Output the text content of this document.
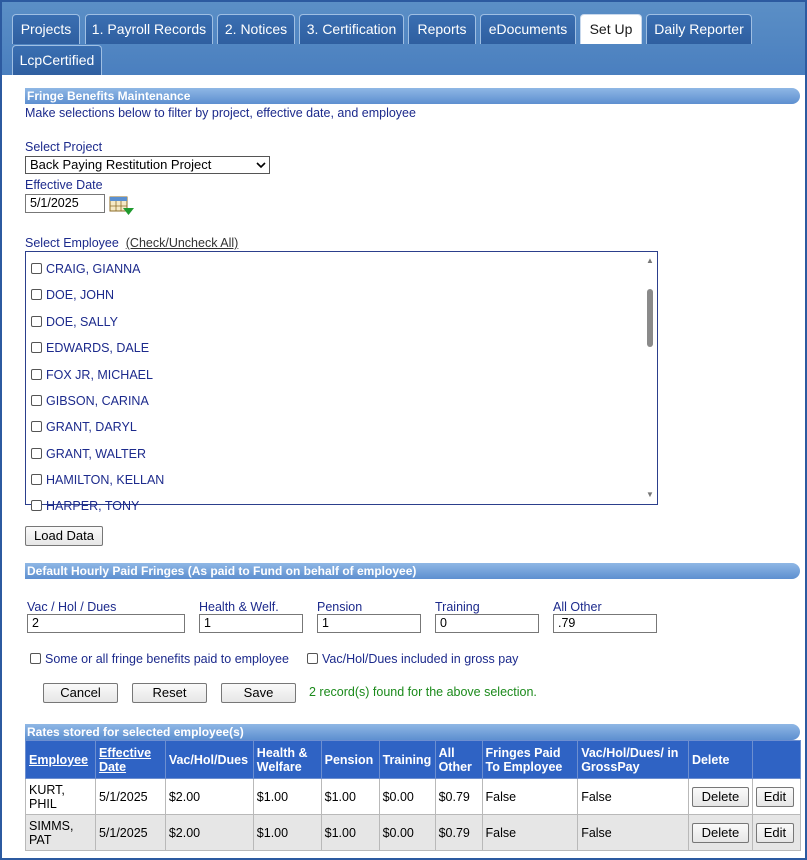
Projects	1. Payroll Records	2. Notices	3. Certification	Reports	eDocuments	Set Up	Daily Reporter
LcpCertified
Fringe Benefits Maintenance
Make selections below to filter by project, effective date, and employee
Select Project
Back Paying Restitution Project
Effective Date
5/1/2025
Select Employee (Check/Uncheck All)
CRAIG, GIANNA
DOE, JOHN
DOE, SALLY
EDWARDS, DALE
FOX JR, MICHAEL
GIBSON, CARINA
GRANT, DARYL
GRANT, WALTER
HAMILTON, KELLAN
HARPER, TONY
▲
▼
Load Data
Default Hourly Paid Fringes (As paid to Fund on behalf of employee)
Vac / Hol / Dues
2
Health & Welf.
1
Pension
1
Training
0
All Other
.79
Some or all fringe benefits paid to employee	Vac/Hol/Dues included in gross pay
Cancel	Reset	Save	2 record(s) found for the above selection.
Rates stored for selected employee(s)
Employee	Effective Date	Vac/Hol/Dues	Health & Welfare	Pension	Training	All Other	Fringes Paid To Employee	Vac/Hol/Dues/ in GrossPay	Delete	
KURT, PHIL	5/1/2025	$2.00	$1.00	$1.00	$0.00	$0.79	False	False	Delete	Edit
SIMMS, PAT	5/1/2025	$2.00	$1.00	$1.00	$0.00	$0.79	False	False	Delete	Edit
